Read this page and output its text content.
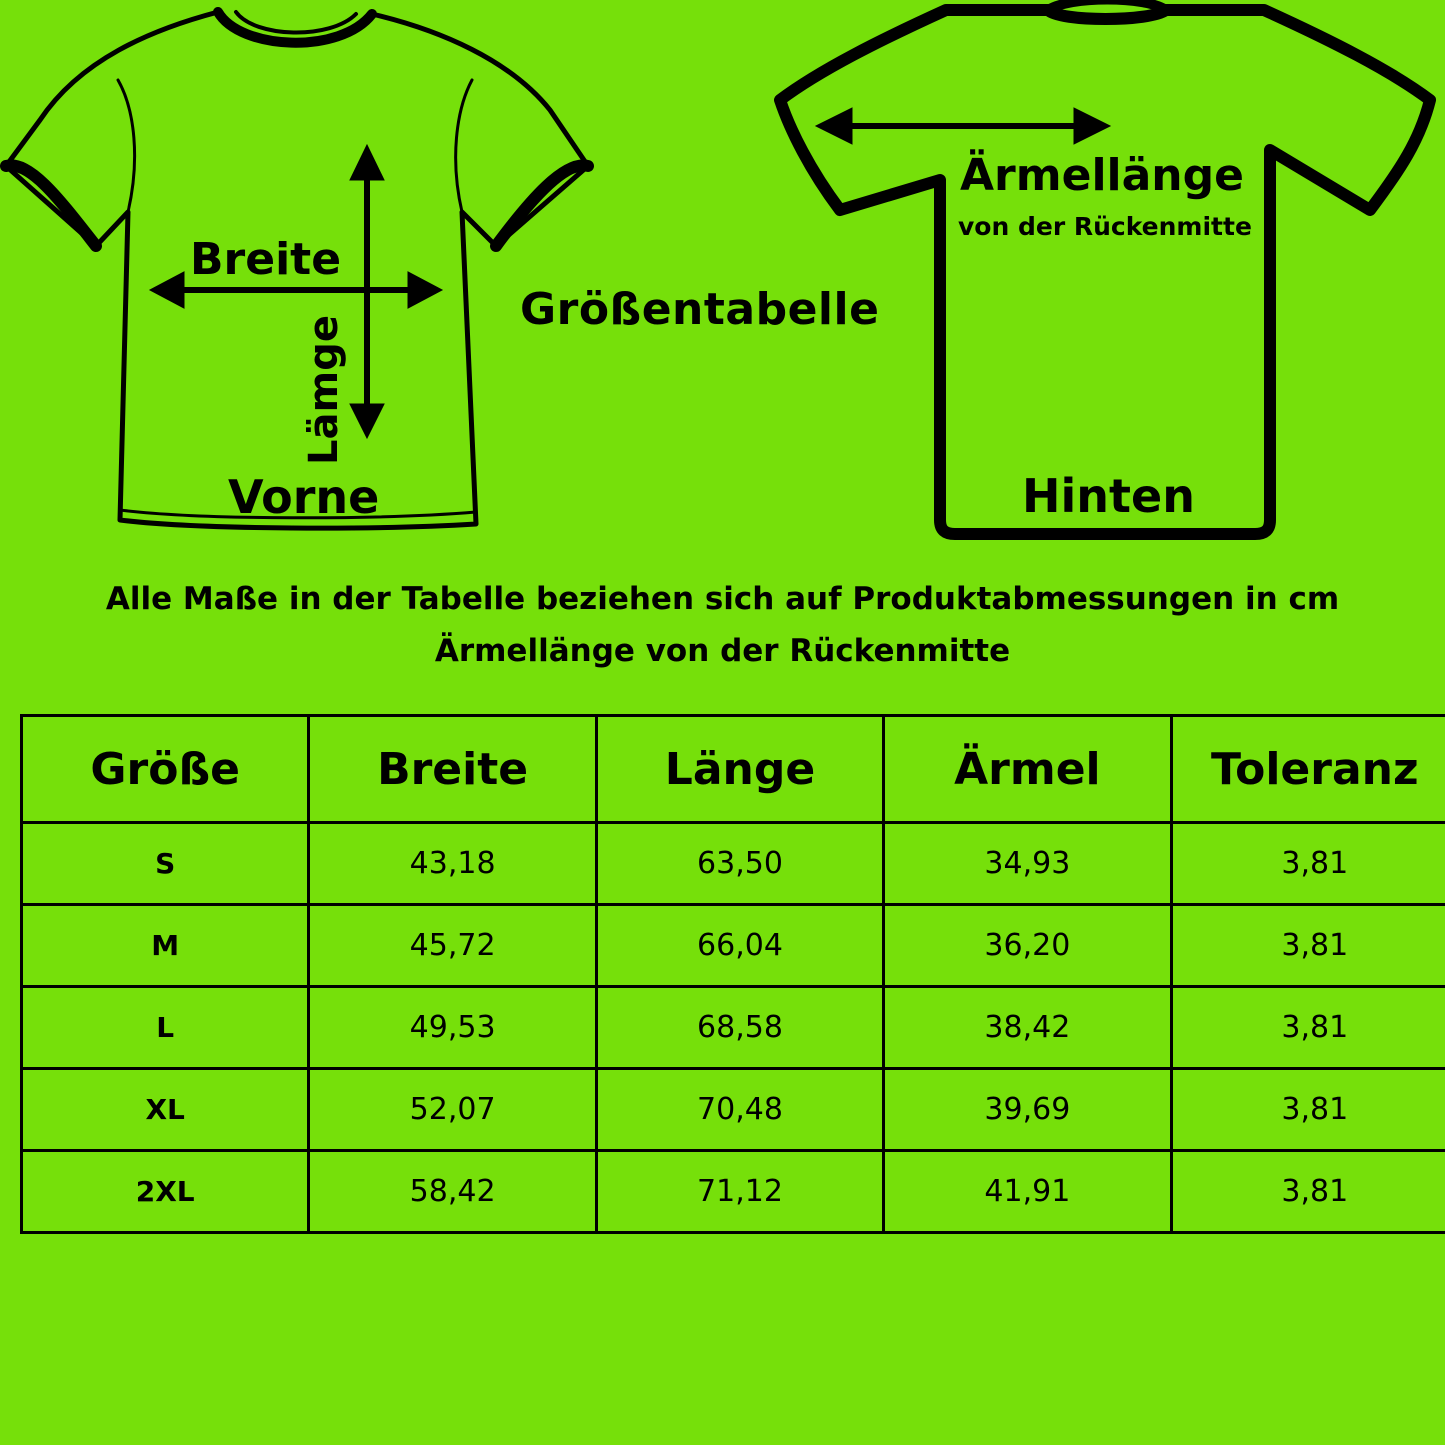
Größentabelle
Breite
Lämge
Vorne
Ärmellänge
von der Rückenmitte
Hinten
Alle Maße in der Tabelle beziehen sich auf Produktabmessungen in cm
Ärmellänge von der Rückenmitte
Größe	Breite	Länge	Ärmel	Toleranz
S	43,18	63,50	34,93	3,81
M	45,72	66,04	36,20	3,81
L	49,53	68,58	38,42	3,81
XL	52,07	70,48	39,69	3,81
2XL	58,42	71,12	41,91	3,81
